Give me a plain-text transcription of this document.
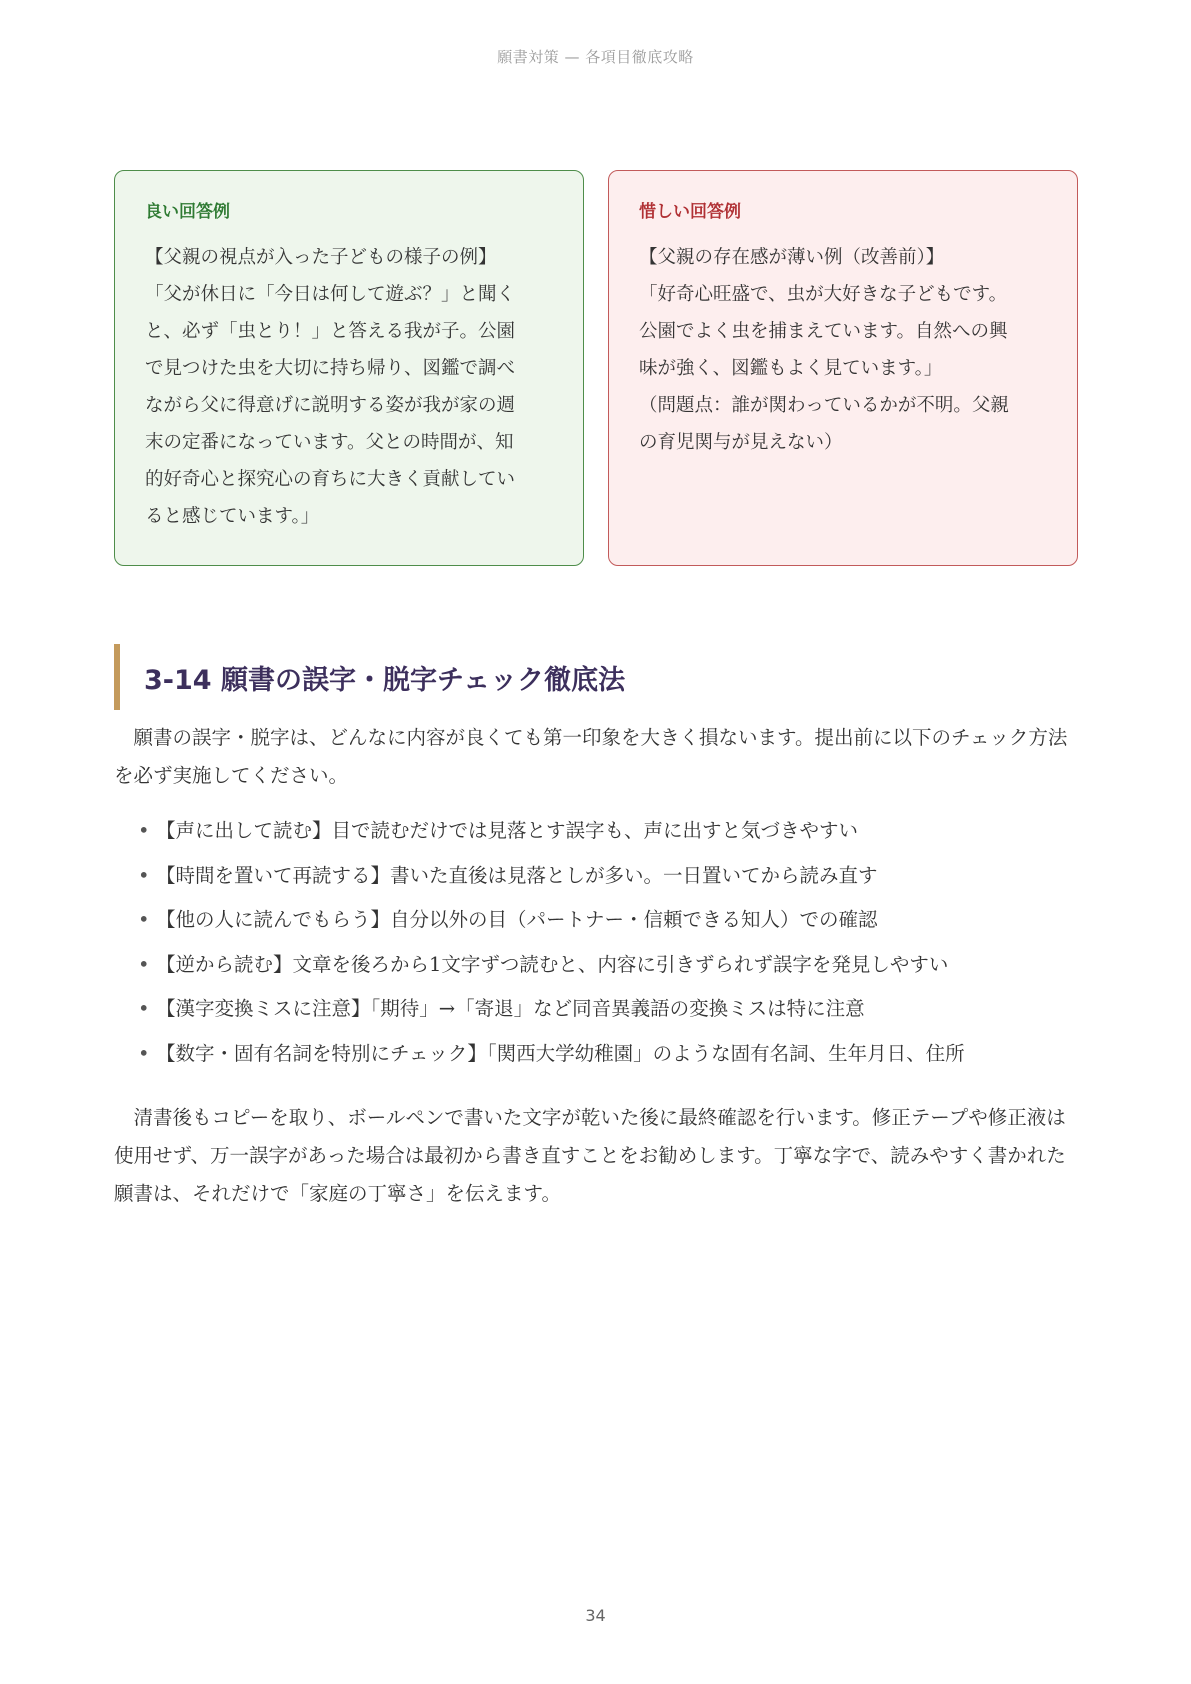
願書対策 — 各項目徹底攻略
良い回答例

【父親の視点が入った子どもの様子の例】
「父が休日に「今日は何して遊ぶ？」と聞く
と、必ず「虫とり！」と答える我が子。公園
で見つけた虫を大切に持ち帰り、図鑑で調べ
ながら父に得意げに説明する姿が我が家の週
末の定番になっています。父との時間が、知
的好奇心と探究心の育ちに大きく貢献してい
ると感じています。」

惜しい回答例

【父親の存在感が薄い例（改善前）】
「好奇心旺盛で、虫が大好きな子どもです。
公園でよく虫を捕まえています。自然への興
味が強く、図鑑もよく見ています。」
（問題点：誰が関わっているかが不明。父親
の育児関与が見えない）

3-14 願書の誤字・脱字チェック徹底法

願書の誤字・脱字は、どんなに内容が良くても第一印象を大きく損ないます。提出前に以下のチェック方法を必ず実施してください。

• 【声に出して読む】目で読むだけでは見落とす誤字も、声に出すと気づきやすい
• 【時間を置いて再読する】書いた直後は見落としが多い。一日置いてから読み直す
• 【他の人に読んでもらう】自分以外の目（パートナー・信頼できる知人）での確認
• 【逆から読む】文章を後ろから1文字ずつ読むと、内容に引きずられず誤字を発見しやすい
• 【漢字変換ミスに注意】「期待」→「寄退」など同音異義語の変換ミスは特に注意
• 【数字・固有名詞を特別にチェック】「関西大学幼稚園」のような固有名詞、生年月日、住所

清書後もコピーを取り、ボールペンで書いた文字が乾いた後に最終確認を行います。修正テープや修正液は使用せず、万一誤字があった場合は最初から書き直すことをお勧めします。丁寧な字で、読みやすく書かれた願書は、それだけで「家庭の丁寧さ」を伝えます。

34
